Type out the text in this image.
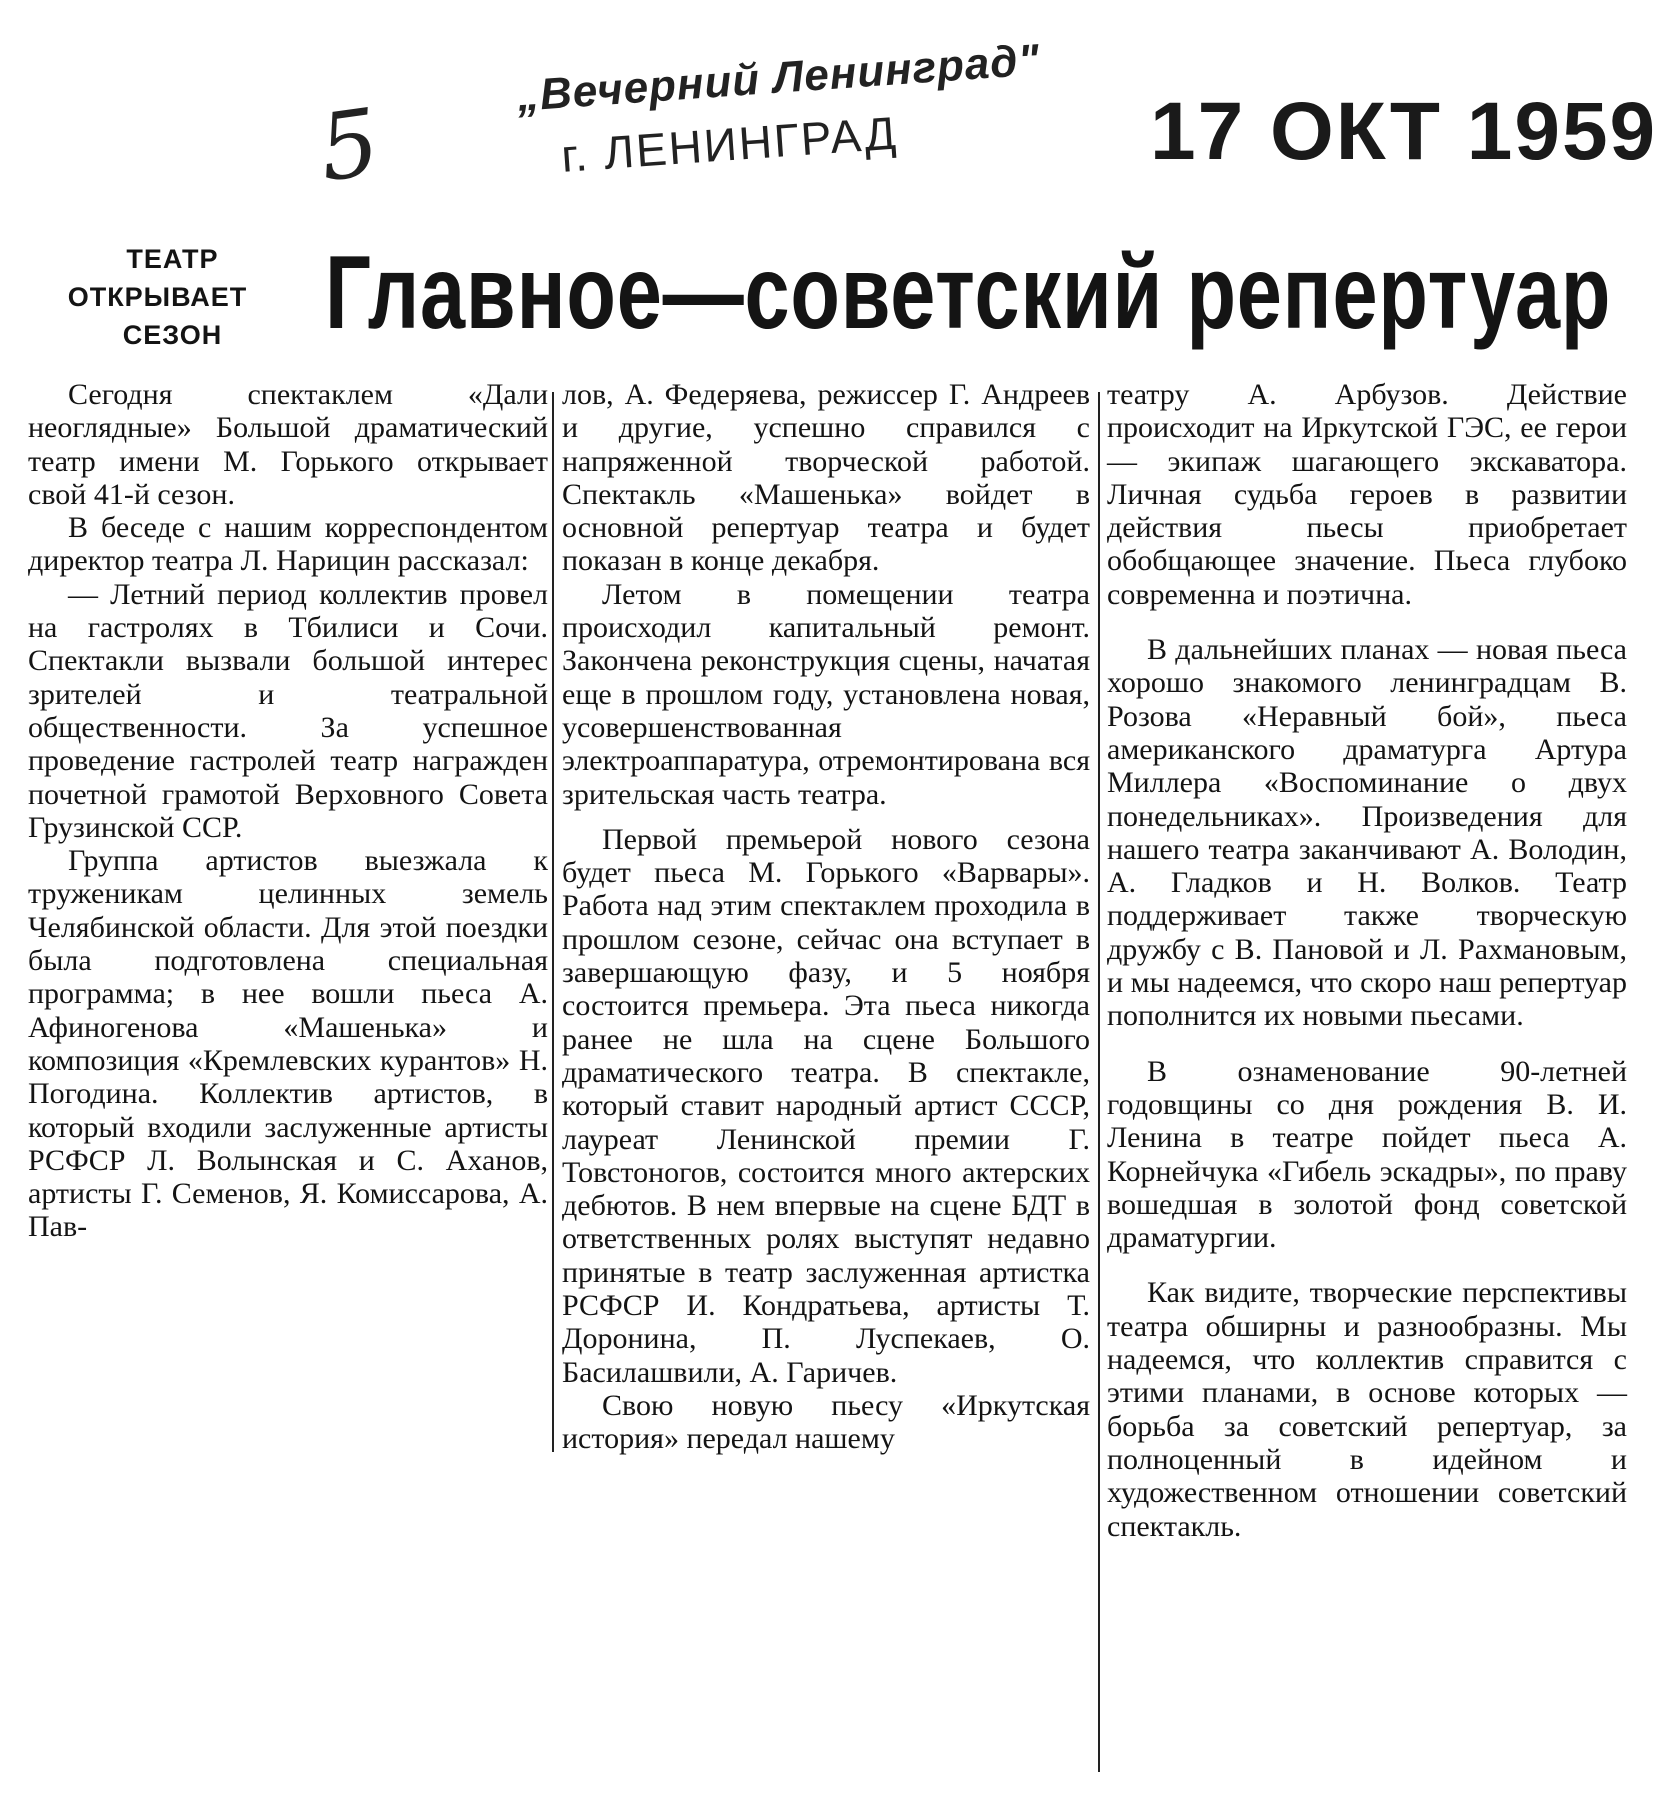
5
„Вечерний Ленинград"
г. ЛЕНИНГРАД	17 ОКТ 1959
ТЕАТР
ОТКРЫВАЕТ
СЕЗОН Главное—советский репертуар

Сегодня спектаклем «Дали неоглядные» Большой драматический театр имени М. Горького открывает свой 41-й сезон.

В беседе с нашим корреспондентом директор театра Л. Нарицин рассказал:

— Летний период коллектив провел на гастролях в Тбилиси и Сочи. Спектакли вызвали большой интерес зрителей и театральной общественности. За успешное проведение гастролей театр награжден почетной грамотой Верховного Совета Грузинской ССР.

Группа артистов выезжала к труженикам целинных земель Челябинской области. Для этой поездки была подготовлена специальная программа; в нее вошли пьеса А. Афиногенова «Машенька» и композиция «Кремлевских курантов» Н. Погодина. Коллектив артистов, в который входили заслуженные артисты РСФСР Л. Волынская и С. Аханов, артисты Г. Семенов, Я. Комиссарова, А. Пав-

лов, А. Федеряева, режиссер Г. Андреев и другие, успешно справился с напряженной творческой работой. Спектакль «Машенька» войдет в основной репертуар театра и будет показан в конце декабря.

Летом в помещении театра происходил капитальный ремонт. Закончена реконструкция сцены, начатая еще в прошлом году, установлена новая, усовершенствованная электроаппаратура, отремонтирована вся зрительская часть театра.

Первой премьерой нового сезона будет пьеса М. Горького «Варвары». Работа над этим спектаклем проходила в прошлом сезоне, сейчас она вступает в завершающую фазу, и 5 ноября состоится премьера. Эта пьеса никогда ранее не шла на сцене Большого драматического театра. В спектакле, который ставит народный артист СССР, лауреат Ленинской премии Г. Товстоногов, состоится много актерских дебютов. В нем впервые на сцене БДТ в ответственных ролях выступят недавно принятые в театр заслуженная артистка РСФСР И. Кондратьева, артисты Т. Доронина, П. Луспекаев, О. Басилашвили, А. Гаричев.

Свою новую пьесу «Иркутская история» передал нашему

театру А. Арбузов. Действие происходит на Иркутской ГЭС, ее герои — экипаж шагающего экскаватора. Личная судьба героев в развитии действия пьесы приобретает обобщающее значение. Пьеса глубоко современна и поэтична.

В дальнейших планах — новая пьеса хорошо знакомого ленинградцам В. Розова «Неравный бой», пьеса американского драматурга Артура Миллера «Воспоминание о двух понедельниках». Произведения для нашего театра заканчивают А. Володин, А. Гладков и Н. Волков. Театр поддерживает также творческую дружбу с В. Пановой и Л. Рахмановым, и мы надеемся, что скоро наш репертуар пополнится их новыми пьесами.

В ознаменование 90-летней годовщины со дня рождения В. И. Ленина в театре пойдет пьеса А. Корнейчука «Гибель эскадры», по праву вошедшая в золотой фонд советской драматургии.

Как видите, творческие перспективы театра обширны и разнообразны. Мы надеемся, что коллектив справится с этими планами, в основе которых — борьба за советский репертуар, за полноценный в идейном и художественном отношении советский спектакль.
